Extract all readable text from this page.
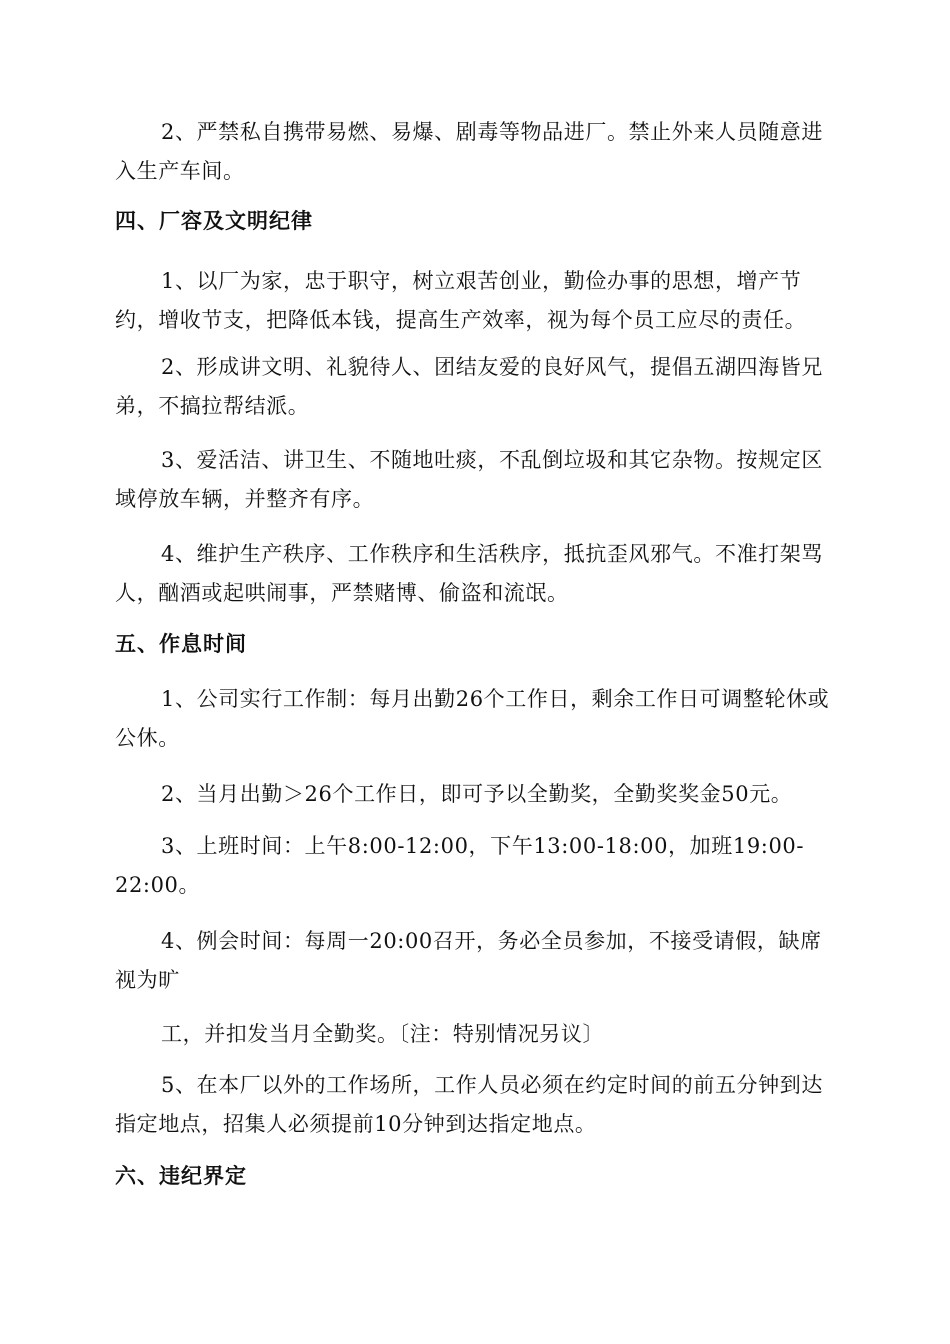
2、严禁私自携带易燃、易爆、剧毒等物品进厂。禁止外来人员随意进入生产车间。

四、厂容及文明纪律

1、以厂为家，忠于职守，树立艰苦创业，勤俭办事的思想，增产节约，增收节支，把降低本钱，提高生产效率，视为每个员工应尽的责任。

2、形成讲文明、礼貌待人、团结友爱的良好风气，提倡五湖四海皆兄弟，不搞拉帮结派。

3、爱活洁、讲卫生、不随地吐痰，不乱倒垃圾和其它杂物。按规定区域停放车辆，并整齐有序。

4、维护生产秩序、工作秩序和生活秩序，抵抗歪风邪气。不准打架骂人，酗酒或起哄闹事，严禁赌博、偷盗和流氓。

五、作息时间

1、公司实行工作制：每月出勤26个工作日，剩余工作日可调整轮休或公休。

2、当月出勤＞26个工作日，即可予以全勤奖，全勤奖奖金50元。

3、上班时间：上午8:00-12:00，下午13:00-18:00，加班19:00-22:00。

4、例会时间：每周一20:00召开，务必全员参加，不接受请假，缺席视为旷

工，并扣发当月全勤奖。〔注：特别情况另议〕

5、在本厂以外的工作场所，工作人员必须在约定时间的前五分钟到达指定地点，招集人必须提前10分钟到达指定地点。

六、违纪界定
